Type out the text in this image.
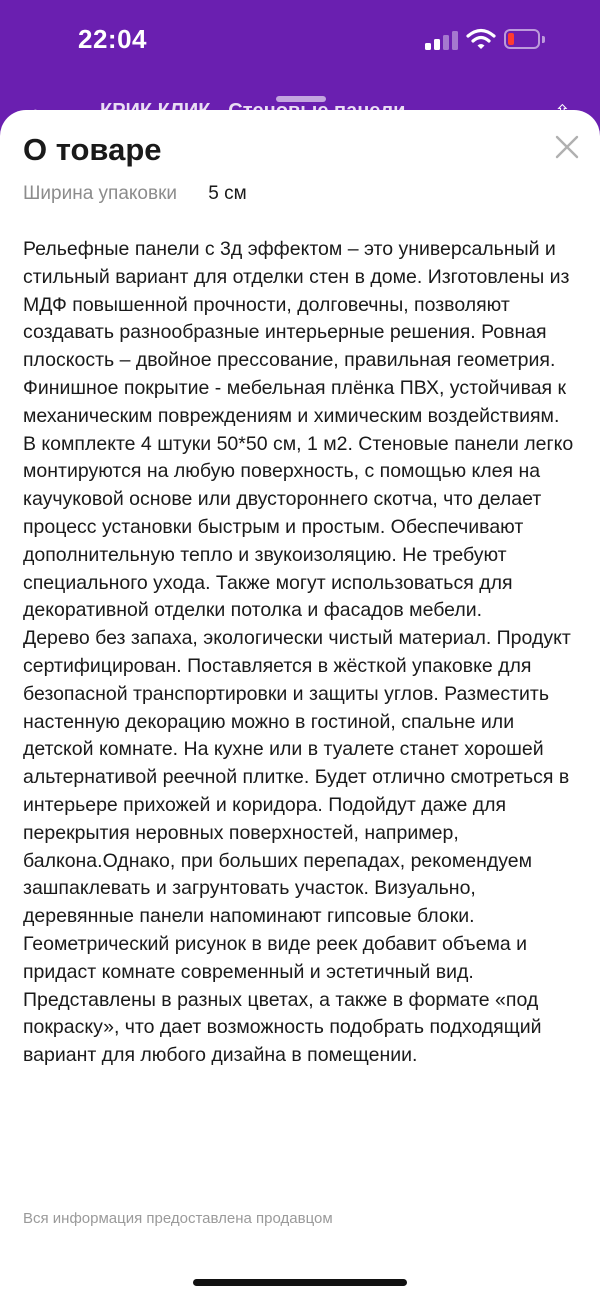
22:04
О товаре
Ширина упаковки 5 см
Рельефные панели с 3д эффектом – это универсальный и стильный вариант для отделки стен в доме. Изготовлены из МДФ повышенной прочности, долговечны, позволяют создавать разнообразные интерьерные решения. Ровная плоскость – двойное прессование, правильная геометрия. Финишное покрытие - мебельная плёнка ПВХ, устойчивая к механическим повреждениям и химическим воздействиям.
В комплекте 4 штуки 50*50 см, 1 м2. Стеновые панели легко монтируются на любую поверхность, с помощью клея на каучуковой основе или двустороннего скотча, что делает процесс установки быстрым и простым. Обеспечивают дополнительную тепло и звукоизоляцию. Не требуют специального ухода. Также могут использоваться для декоративной отделки потолка и фасадов мебели.
Дерево без запаха, экологически чистый материал. Продукт сертифицирован. Поставляется в жёсткой упаковке для безопасной транспортировки и защиты углов. Разместить настенную декорацию можно в гостиной, спальне или детской комнате. На кухне или в туалете станет хорошей альтернативой реечной плитке. Будет отлично смотреться в интерьере прихожей и коридора. Подойдут даже для перекрытия неровных поверхностей, например, балкона.Однако, при больших перепадах, рекомендуем зашпаклевать и загрунтовать участок. Визуально, деревянные панели напоминают гипсовые блоки. Геометрический рисунок в виде реек добавит объема и придаст комнате современный и эстетичный вид. Представлены в разных цветах, а также в формате «под покраску», что дает возможность подобрать подходящий вариант для любого дизайна в помещении.
Вся информация предоставлена продавцом
